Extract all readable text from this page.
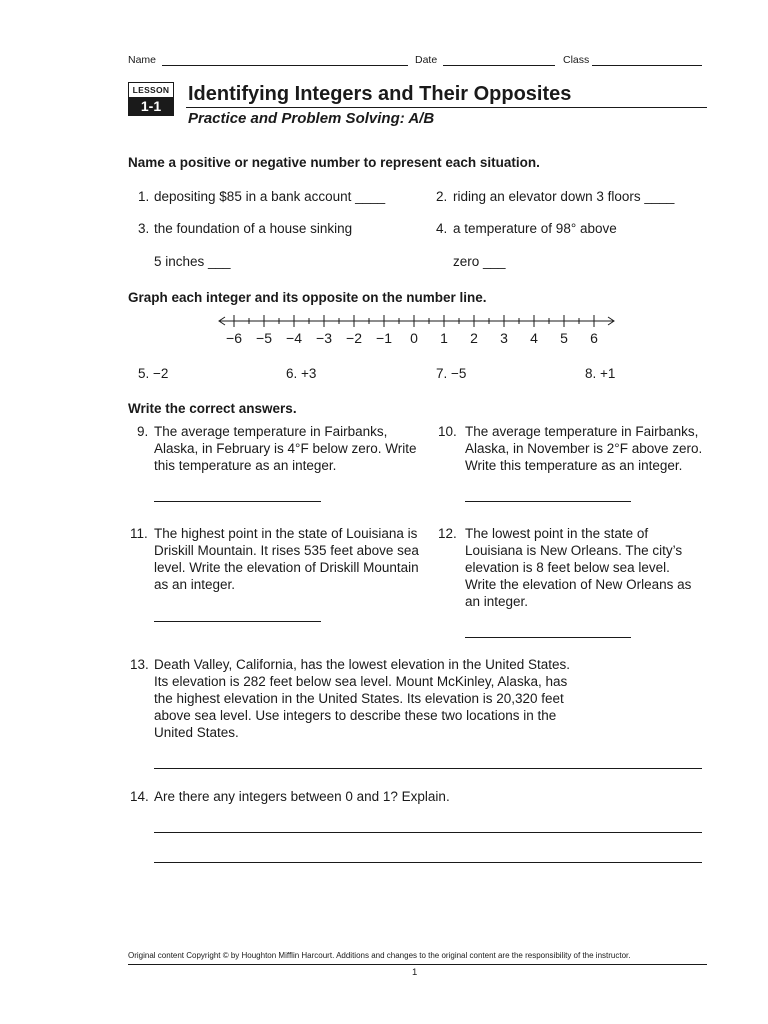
Name	Date	Class
LESSON
1-1
Identifying Integers and Their Opposites
Practice and Problem Solving: A/B
Name a positive or negative number to represent each situation.
1. depositing $85 in a bank account ____	2. riding an elevator down 3 floors ____
3. the foundation of a house sinking
5 inches ___
4. a temperature of 98° above
zero ___
Graph each integer and its opposite on the number line.
−6 −5 −4 −3 −2 −1 0 1 2 3 4 5 6
5. −2	6. +3	7. −5	8. +1
Write the correct answers.
9. The average temperature in Fairbanks,
Alaska, in February is 4°F below zero. Write
this temperature as an integer.
10. The average temperature in Fairbanks,
Alaska, in November is 2°F above zero.
Write this temperature as an integer.
11. The highest point in the state of Louisiana is
Driskill Mountain. It rises 535 feet above sea
level. Write the elevation of Driskill Mountain
as an integer.
12. The lowest point in the state of
Louisiana is New Orleans. The city’s
elevation is 8 feet below sea level.
Write the elevation of New Orleans as
an integer.
13. Death Valley, California, has the lowest elevation in the United States.
Its elevation is 282 feet below sea level. Mount McKinley, Alaska, has
the highest elevation in the United States. Its elevation is 20,320 feet
above sea level. Use integers to describe these two locations in the
United States.
14. Are there any integers between 0 and 1? Explain.
Original content Copyright © by Houghton Mifflin Harcourt. Additions and changes to the original content are the responsibility of the instructor.
1
